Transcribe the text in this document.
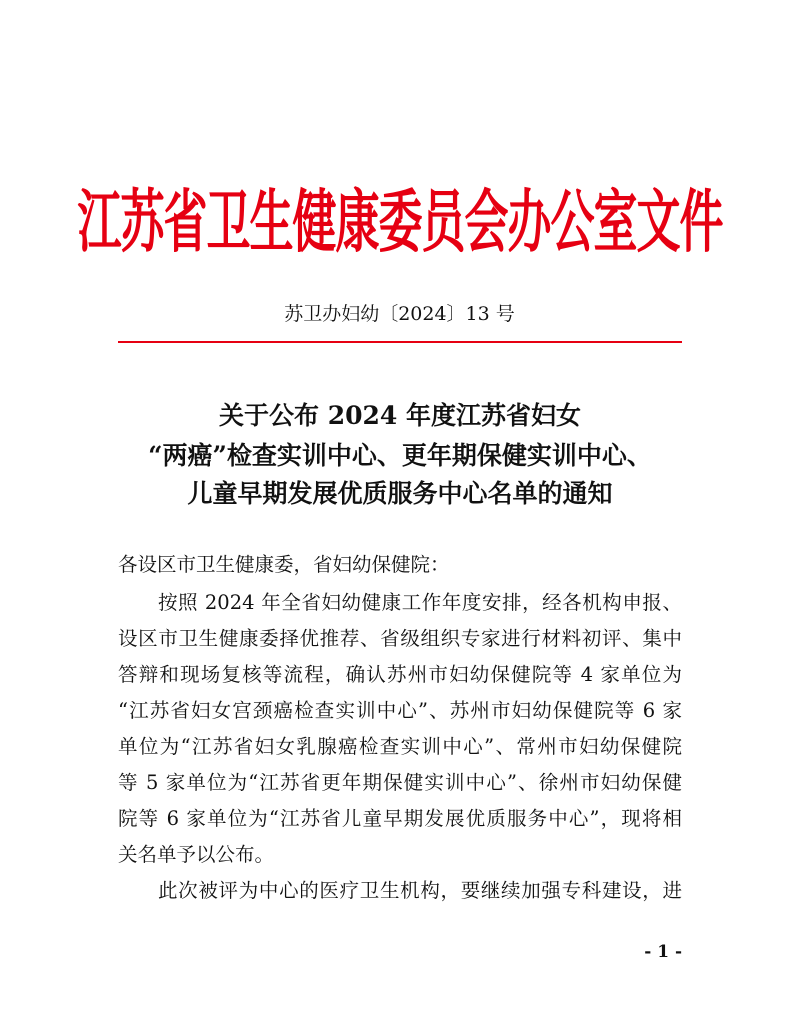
江苏省卫生健康委员会办公室文件
苏卫办妇幼〔2024〕13 号
关于公布 2024 年度江苏省妇女
“两癌”检查实训中心、更年期保健实训中心、
儿童早期发展优质服务中心名单的通知
各设区市卫生健康委，省妇幼保健院：
按照 2024 年全省妇幼健康工作年度安排，经各机构申报、
设区市卫生健康委择优推荐、省级组织专家进行材料初评、集中
答辩和现场复核等流程，确认苏州市妇幼保健院等 4 家单位为
“江苏省妇女宫颈癌检查实训中心”、苏州市妇幼保健院等 6 家
单位为“江苏省妇女乳腺癌检查实训中心”、常州市妇幼保健院
等 5 家单位为“江苏省更年期保健实训中心”、徐州市妇幼保健
院等 6 家单位为“江苏省儿童早期发展优质服务中心”，现将相
关名单予以公布。
此次被评为中心的医疗卫生机构，要继续加强专科建设，进
- 1 -
